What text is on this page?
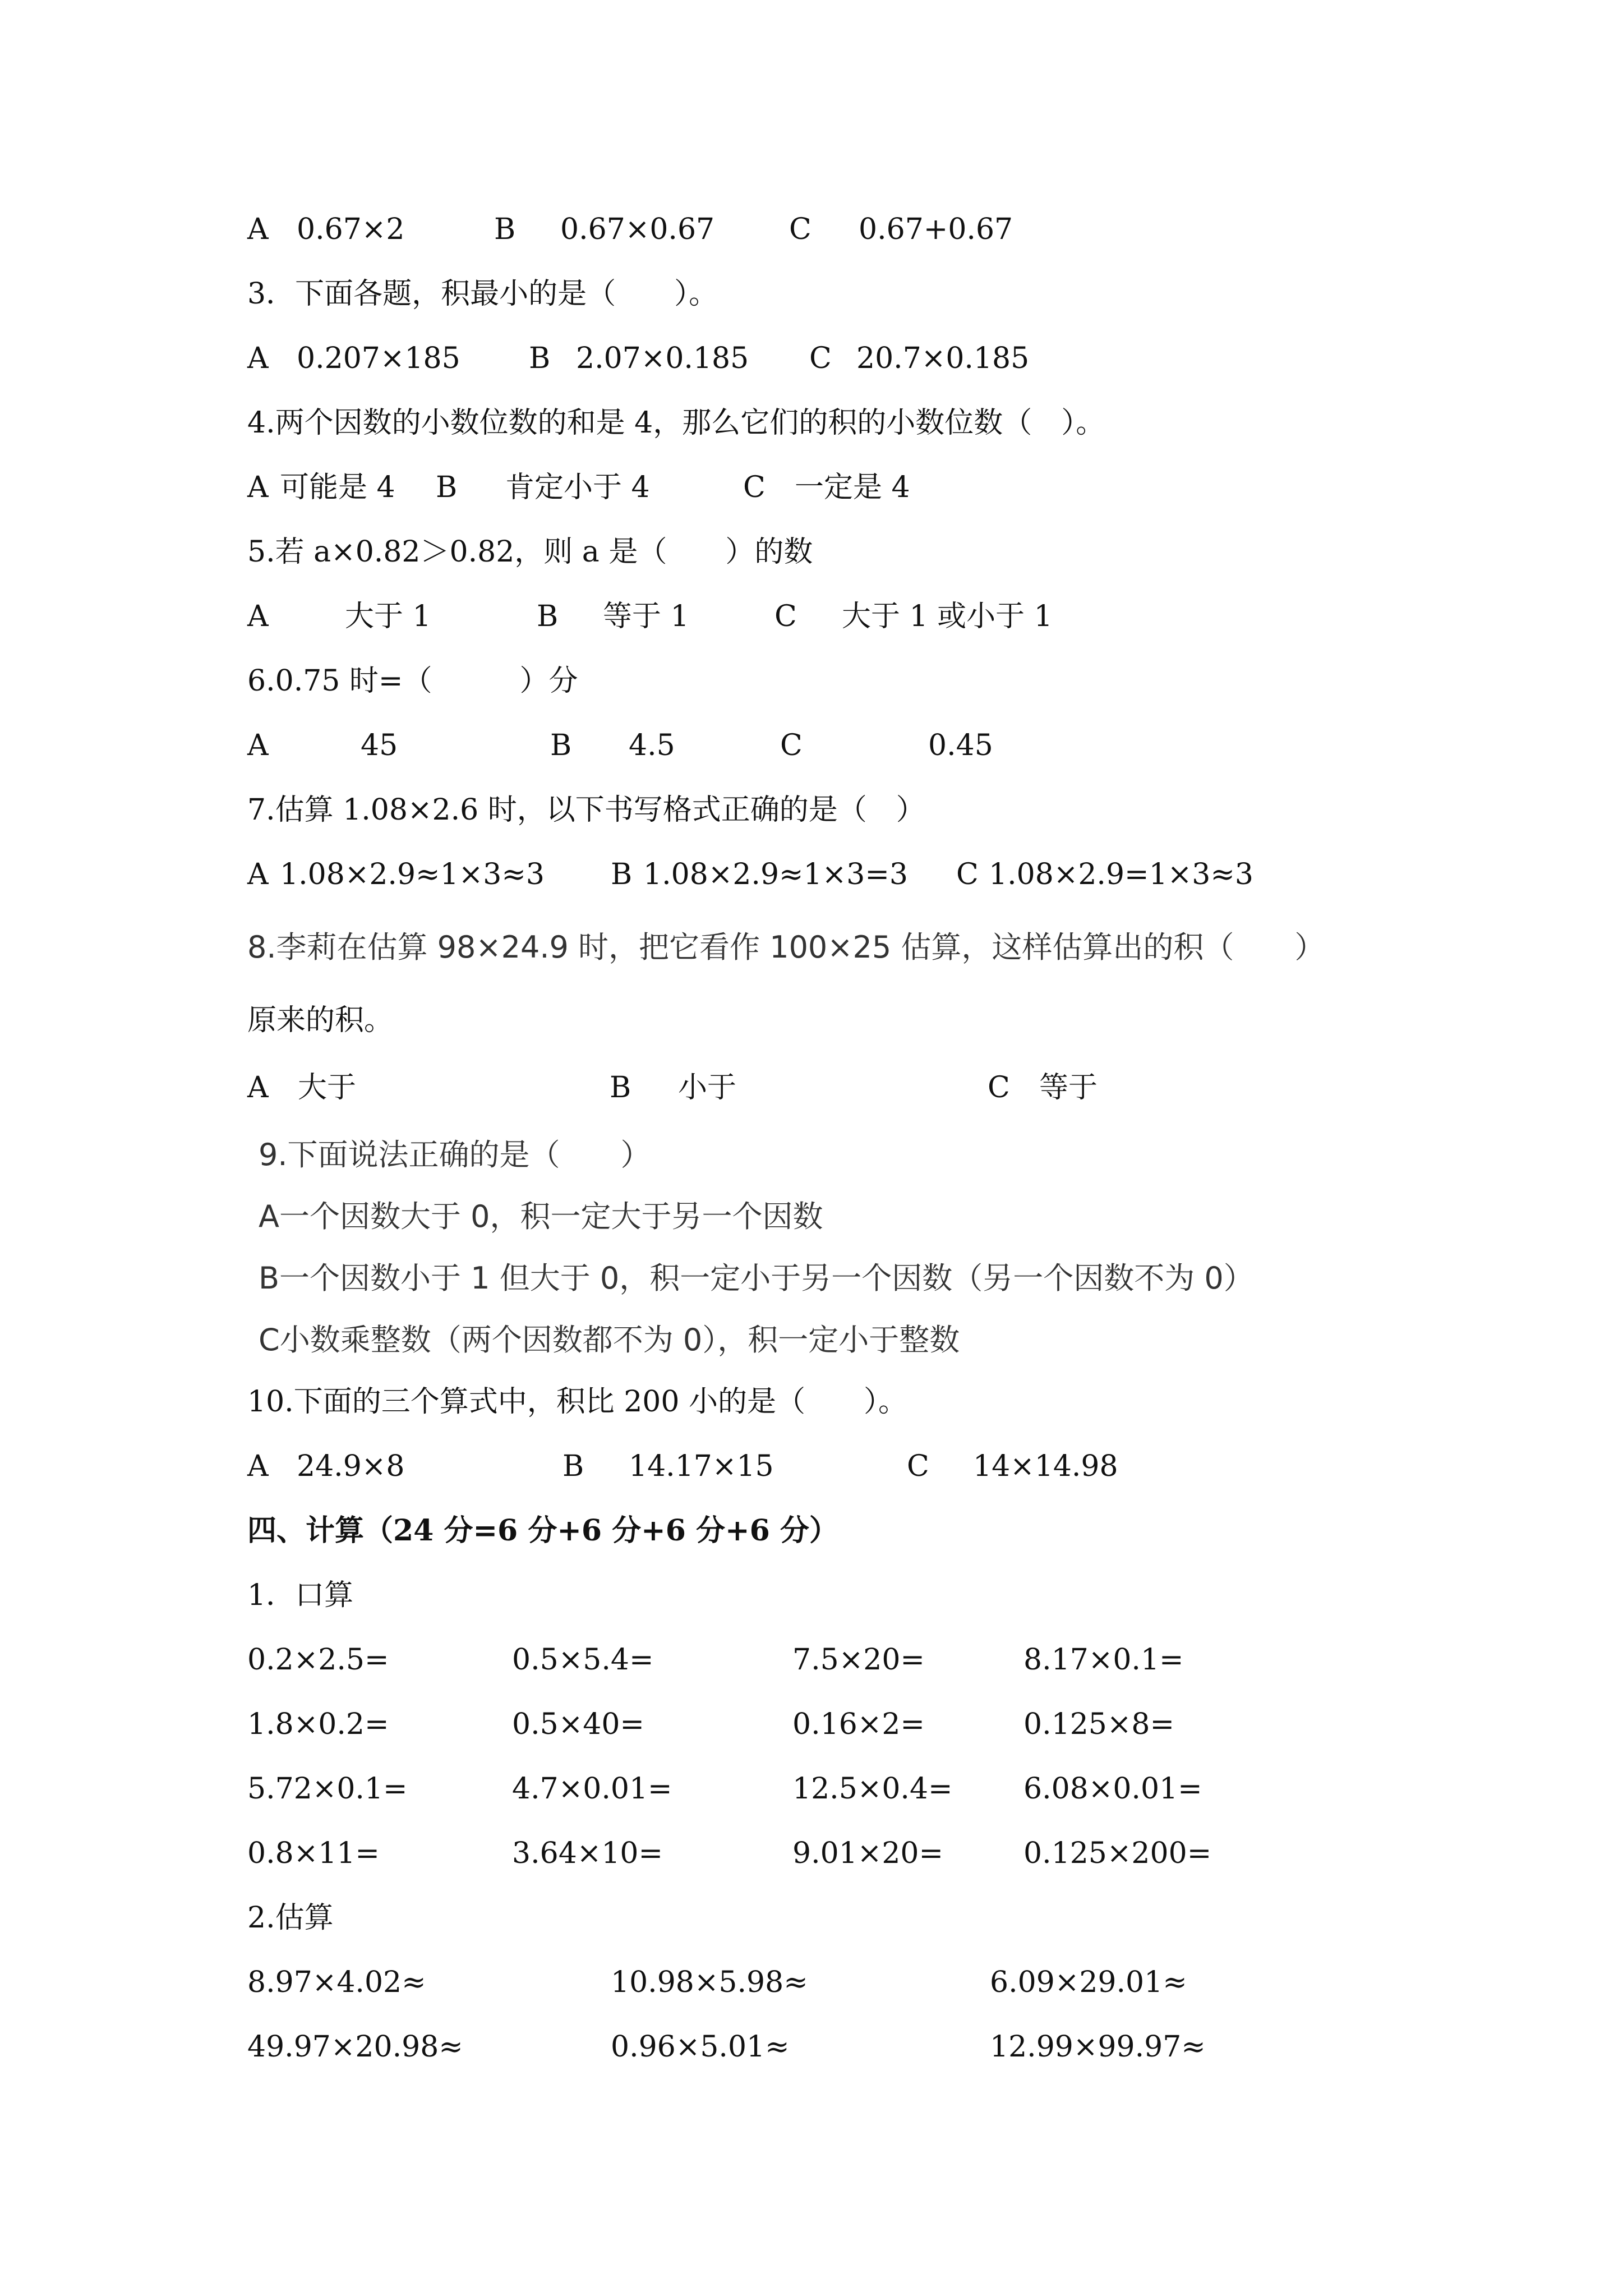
A 0.67×2	B 0.67×0.67	C 0.67+0.67
3．下面各题，积最小的是（　　）。
A 0.207×185 B 2.07×0.185 C 20.7×0.185
4.两个因数的小数位数的和是 4，那么它们的积的小数位数（　）。
A 可能是 4 B 肯定小于 4	C 一定是 4
5.若 a×0.82＞0.82，则 a 是（　　）的数
A	大于 1	B 等于 1	C 大于 1 或小于 1
6.0.75 时=（　　　）分
A	45	B 4.5	C	0.45
7.估算 1.08×2.6 时，以下书写格式正确的是（　）
A 1.08×2.9≈1×3≈3 B 1.08×2.9≈1×3=3 C 1.08×2.9=1×3≈3
8.李莉在估算 98×24.9 时，把它看作 100×25 估算，这样估算出的积（　　）
原来的积。
A 大于	B 小于	C 等于
9.下面说法正确的是（　　）
A一个因数大于 0，积一定大于另一个因数
B一个因数小于 1 但大于 0，积一定小于另一个因数（另一个因数不为 0）
C小数乘整数（两个因数都不为 0），积一定小于整数
10.下面的三个算式中，积比 200 小的是（　　）。
A 24.9×8	B 14.17×15	C 14×14.98
四、计算（24 分=6 分+6 分+6 分+6 分）
1．口算
0.2×2.5=	0.5×5.4=	7.5×20=	8.17×0.1=
1.8×0.2=	0.5×40=	0.16×2=	0.125×8=
5.72×0.1=	4.7×0.01=	12.5×0.4= 6.08×0.01=
0.8×11=	3.64×10=	9.01×20=	0.125×200=
2.估算
8.97×4.02≈	10.98×5.98≈	6.09×29.01≈
49.97×20.98≈	0.96×5.01≈	12.99×99.97≈
